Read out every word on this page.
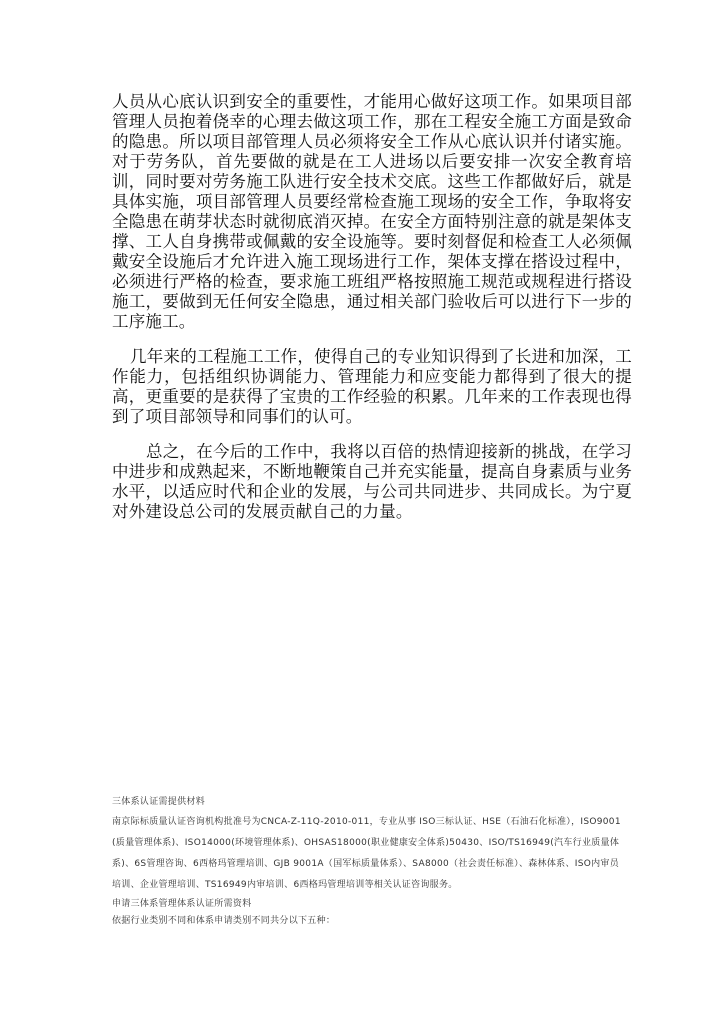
人员从心底认识到安全的重要性，才能用心做好这项工作。如果项目部管理人员抱着侥幸的心理去做这项工作，那在工程安全施工方面是致命的隐患。所以项目部管理人员必须将安全工作从心底认识并付诸实施。对于劳务队，首先要做的就是在工人进场以后要安排一次安全教育培训，同时要对劳务施工队进行安全技术交底。这些工作都做好后，就是具体实施，项目部管理人员要经常检查施工现场的安全工作，争取将安全隐患在萌芽状态时就彻底消灭掉。在安全方面特别注意的就是架体支撑、工人自身携带或佩戴的安全设施等。要时刻督促和检查工人必须佩戴安全设施后才允许进入施工现场进行工作，架体支撑在搭设过程中，必须进行严格的检查，要求施工班组严格按照施工规范或规程进行搭设施工，要做到无任何安全隐患，通过相关部门验收后可以进行下一步的工序施工。

几年来的工程施工工作，使得自己的专业知识得到了长进和加深，工作能力，包括组织协调能力、管理能力和应变能力都得到了很大的提高，更重要的是获得了宝贵的工作经验的积累。几年来的工作表现也得到了项目部领导和同事们的认可。

总之，在今后的工作中，我将以百倍的热情迎接新的挑战，在学习中进步和成熟起来，不断地鞭策自己并充实能量，提高自身素质与业务水平，以适应时代和企业的发展，与公司共同进步、共同成长。为宁夏对外建设总公司的发展贡献自己的力量。

三体系认证需提供材料

南京际标质量认证咨询机构批准号为CNCA-Z-11Q-2010-011，专业从事 ISO三标认证、HSE（石油石化标准），ISO9001(质量管理体系)、ISO14000(环境管理体系)、OHSAS18000(职业健康安全体系)50430、ISO/TS16949(汽车行业质量体系)、6S管理咨询、6西格玛管理培训、GJB 9001A（国军标质量体系）、SA8000（社会责任标准）、森林体系、ISO内审员培训、企业管理培训、TS16949内审培训、6西格玛管理培训等相关认证咨询服务。

申请三体系管理体系认证所需资料

依据行业类别不同和体系申请类别不同共分以下五种：
